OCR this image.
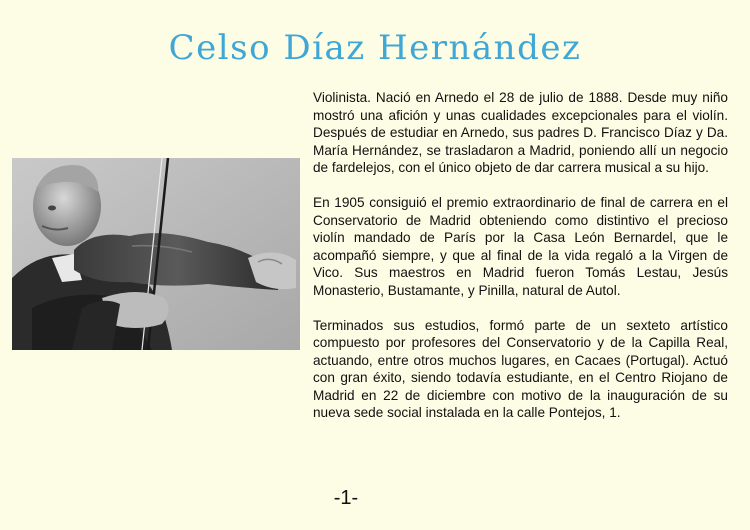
Celso Díaz Hernández

Violinista. Nació en Arnedo el 28 de julio de 1888. Desde muy niño mostró una afición y unas cualidades excepcionales para el violín. Después de estudiar en Arnedo, sus padres D. Francisco Díaz y Da. María Hernández, se trasladaron a Madrid, poniendo allí un negocio de fardelejos, con el único objeto de dar carrera musical a su hijo.

En 1905 consiguió el premio extraordinario de final de carrera en el Conservatorio de Madrid obteniendo como distintivo el precioso violín mandado de París por la Casa León Bernardel, que le acompañó siempre, y que al final de la vida regaló a la Virgen de Vico. Sus maestros en Madrid fueron Tomás Lestau, Jesús Monasterio, Bustamante, y Pinilla, natural de Autol.

Terminados sus estudios, formó parte de un sexteto artístico compuesto por profesores del Conservatorio y de la Capilla Real, actuando, entre otros muchos lugares, en Cacaes (Portugal). Actuó con gran éxito, siendo todavía estudiante, en el Centro Riojano de Madrid en 22 de diciembre con motivo de la inauguración de su nueva sede social instalada en la calle Pontejos, 1.

-1-
